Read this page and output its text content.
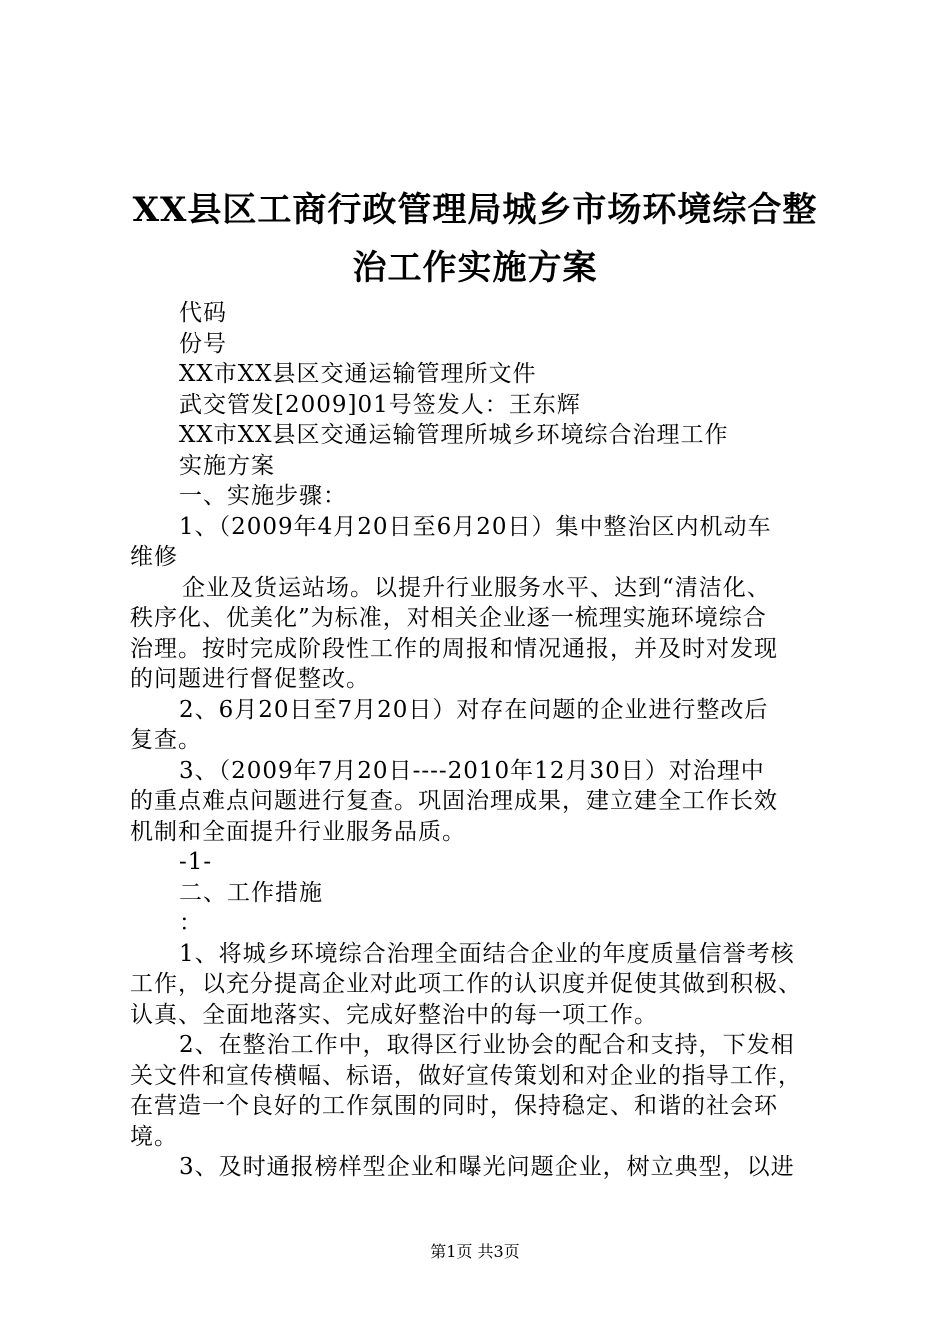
XX县区工商行政管理局城乡市场环境综合整
治工作实施方案
代码
份号
XX市XX县区交通运输管理所文件
武交管发[2009]01号签发人：王东辉
XX市XX县区交通运输管理所城乡环境综合治理工作
实施方案
一、实施步骤：
1、（2009年4月20日至6月20日）集中整治区内机动车
维修
企业及货运站场。以提升行业服务水平、达到“清洁化、
秩序化、优美化”为标准，对相关企业逐一梳理实施环境综合
治理。按时完成阶段性工作的周报和情况通报，并及时对发现
的问题进行督促整改。
2、6月20日至7月20日）对存在问题的企业进行整改后
复查。
3、（2009年7月20日----2010年12月30日）对治理中
的重点难点问题进行复查。巩固治理成果，建立建全工作长效
机制和全面提升行业服务品质。
-1-
二、工作措施
：
1、将城乡环境综合治理全面结合企业的年度质量信誉考核
工作，以充分提高企业对此项工作的认识度并促使其做到积极、
认真、全面地落实、完成好整治中的每一项工作。
2、在整治工作中，取得区行业协会的配合和支持，下发相
关文件和宣传横幅、标语，做好宣传策划和对企业的指导工作，
在营造一个良好的工作氛围的同时，保持稳定、和谐的社会环
境。
3、及时通报榜样型企业和曝光问题企业，树立典型，以进
第1页 共3页
